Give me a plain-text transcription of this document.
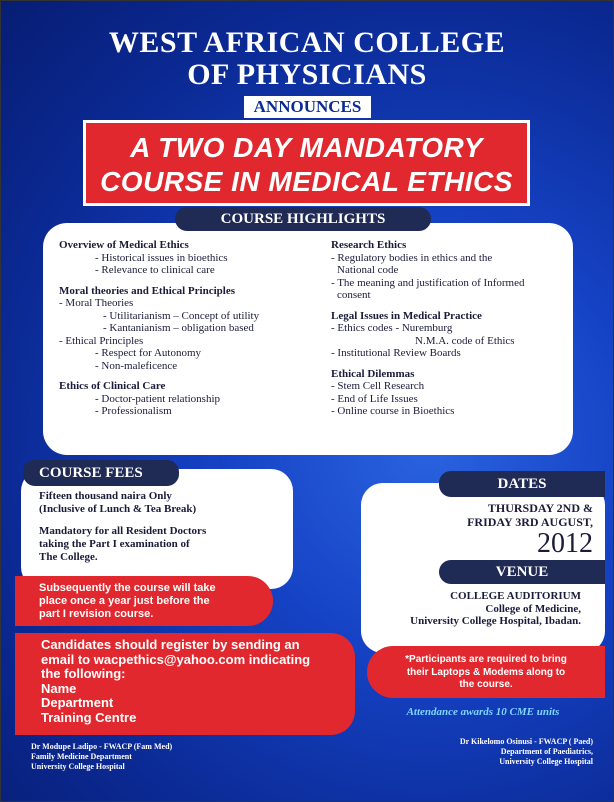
WEST AFRICAN COLLEGE
OF PHYSICIANS
ANNOUNCES
A TWO DAY MANDATORY
COURSE IN MEDICAL ETHICS
COURSE HIGHLIGHTS
Overview of Medical Ethics
- Historical issues in bioethics
- Relevance to clinical care
Moral theories and Ethical Principles
- Moral Theories
- Utilitarianism – Concept of utility
- Kantanianism – obligation based
- Ethical Principles
- Respect for Autonomy
- Non-maleficence
Ethics of Clinical Care
- Doctor-patient relationship
- Professionalism
Research Ethics
- Regulatory bodies in ethics and the
National code
- The meaning and justification of Informed
consent
Legal Issues in Medical Practice
- Ethics codes - Nuremburg
N.M.A. code of Ethics
- Institutional Review Boards
Ethical Dilemmas
- Stem Cell Research
- End of Life Issues
- Online course in Bioethics
COURSE FEES
Fifteen thousand naira Only
(Inclusive of Lunch & Tea Break)
Mandatory for all Resident Doctors
taking the Part I examination of
The College.
Subsequently the course will take
place once a year just before the
part I revision course.
Candidates should register by sending an
email to wacpethics@yahoo.com indicating
the following:
Name
Department
Training Centre
DATES
THURSDAY 2ND &
FRIDAY 3RD AUGUST,
2012
VENUE
COLLEGE AUDITORIUM
College of Medicine,
University College Hospital, Ibadan.
*Participants are required to bring
their Laptops & Modems along to
the course.
Attendance awards 10 CME units
Dr Modupe Ladipo - FWACP (Fam Med)
Family Medicine Department
University College Hospital
Dr Kikelomo Osinusi - FWACP ( Paed)
Department of Paediatrics,
University College Hospital
